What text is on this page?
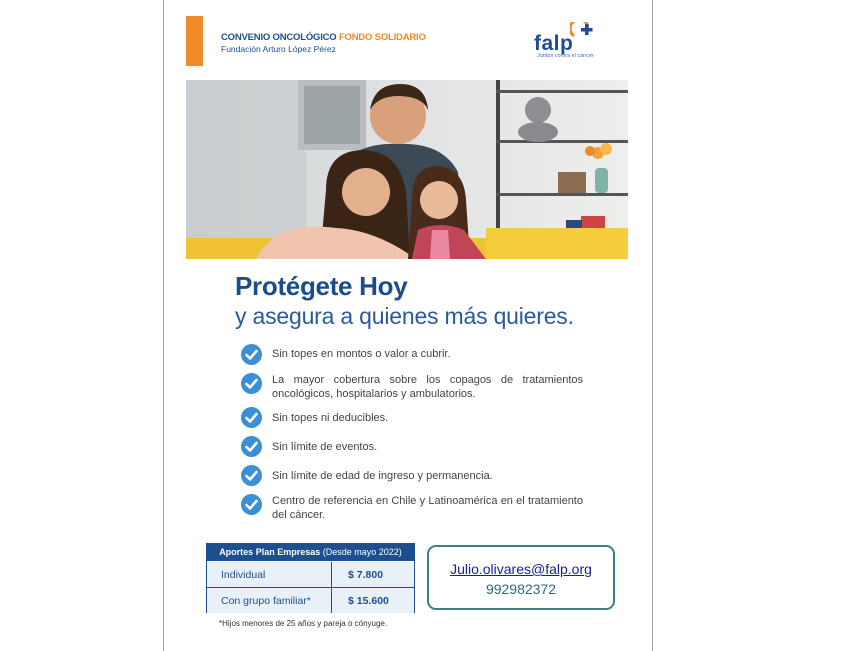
CONVENIO ONCOLÓGICO FONDO SOLIDARIO
Fundación Arturo López Pérez	falp
Juntos contra el cáncer
Protégete Hoy
y asegura a quienes más quieres.
Sin topes en montos o valor a cubrir.
La mayor cobertura sobre los copagos de tratamientos oncológicos, hospitalarios y ambulatorios.
Sin topes ni deducibles.
Sin límite de eventos.
Sin límite de edad de ingreso y permanencia.
Centro de referencia en Chile y Latinoamérica en el tratamiento del cáncer.
Aportes Plan Empresas (Desde mayo 2022)
Individual	$ 7.800
Con grupo familiar*	$ 15.600
*Hijos menores de 25 años y pareja o cónyuge.
Julio.olivares@falp.org
992982372
